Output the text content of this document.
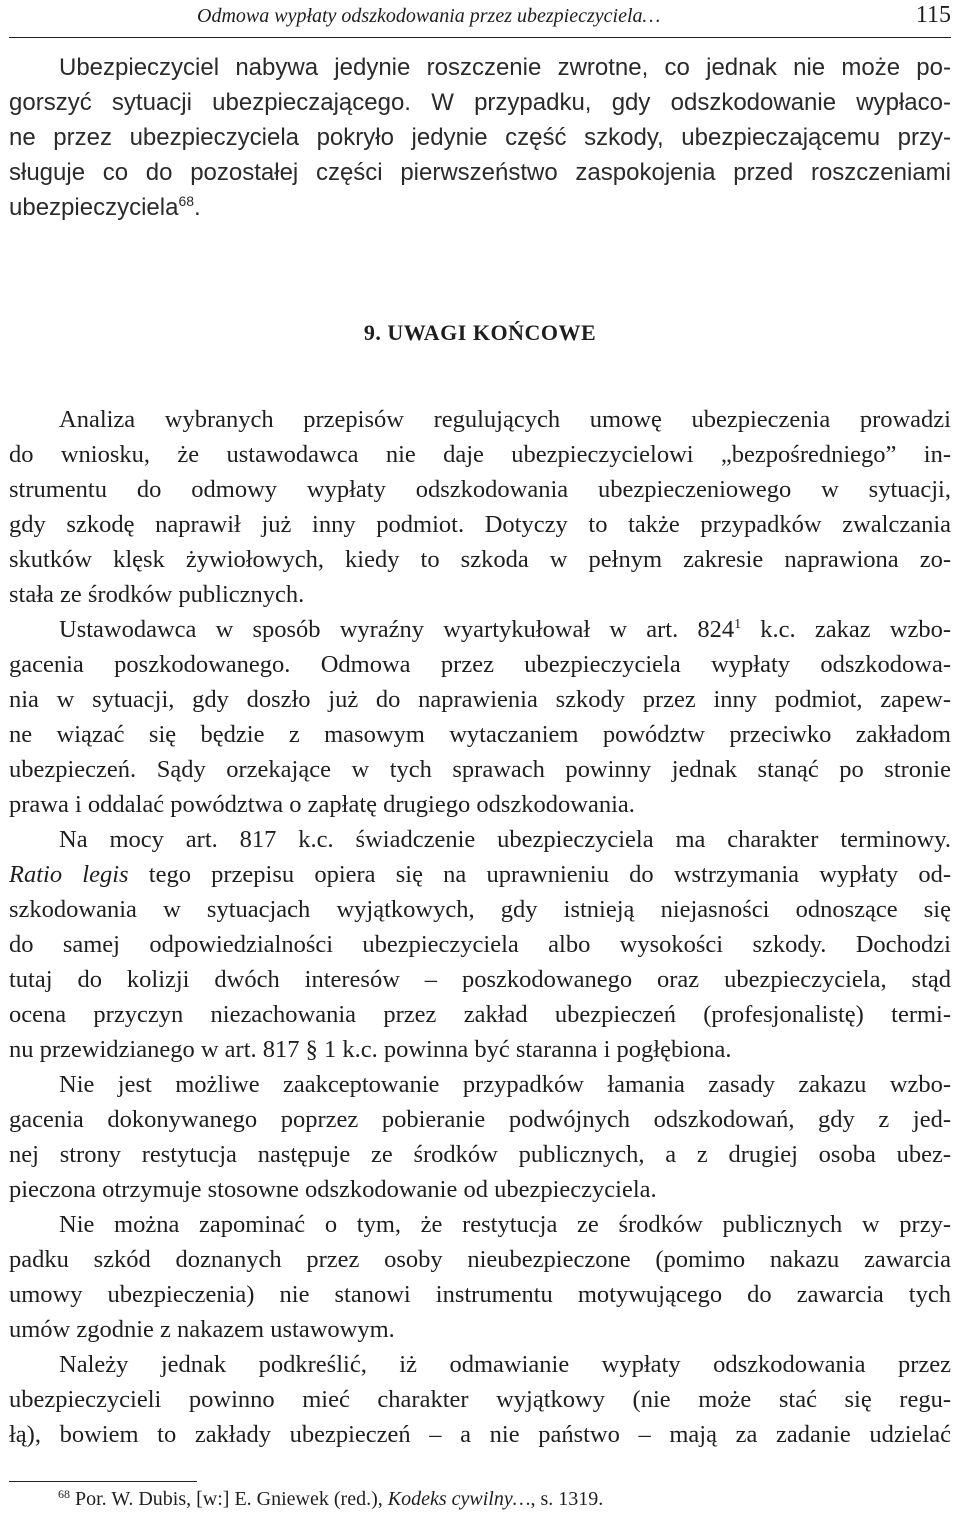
Odmowa wypłaty odszkodowania przez ubezpieczyciela…	115
Ubezpieczyciel nabywa jedynie roszczenie zwrotne, co jednak nie może po-
gorszyć sytuacji ubezpieczającego. W przypadku, gdy odszkodowanie wypłaco-
ne przez ubezpieczyciela pokryło jedynie część szkody, ubezpieczającemu przy-
sługuje co do pozostałej części pierwszeństwo zaspokojenia przed roszczeniami
ubezpieczyciela$^{68}$.
9. UWAGI KOŃCOWE
Analiza wybranych przepisów regulujących umowę ubezpieczenia prowadzi
do wniosku, że ustawodawca nie daje ubezpieczycielowi „bezpośredniego” in-
strumentu do odmowy wypłaty odszkodowania ubezpieczeniowego w sytuacji,
gdy szkodę naprawił już inny podmiot. Dotyczy to także przypadków zwalczania
skutków klęsk żywiołowych, kiedy to szkoda w pełnym zakresie naprawiona zo-
stała ze środków publicznych.
Ustawodawca w sposób wyraźny wyartykułował w art. $824^1$ k.c. zakaz wzbo-
gacenia poszkodowanego. Odmowa przez ubezpieczyciela wypłaty odszkodowa-
nia w sytuacji, gdy doszło już do naprawienia szkody przez inny podmiot, zapew-
ne wiązać się będzie z masowym wytaczaniem powództw przeciwko zakładom
ubezpieczeń. Sądy orzekające w tych sprawach powinny jednak stanąć po stronie
prawa i oddalać powództwa o zapłatę drugiego odszkodowania.
Na mocy art. 817 k.c. świadczenie ubezpieczyciela ma charakter terminowy.
Ratio legis tego przepisu opiera się na uprawnieniu do wstrzymania wypłaty od-
szkodowania w sytuacjach wyjątkowych, gdy istnieją niejasności odnoszące się
do samej odpowiedzialności ubezpieczyciela albo wysokości szkody. Dochodzi
tutaj do kolizji dwóch interesów – poszkodowanego oraz ubezpieczyciela, stąd
ocena przyczyn niezachowania przez zakład ubezpieczeń (profesjonalistę) termi-
nu przewidzianego w art. 817 § 1 k.c. powinna być staranna i pogłębiona.
Nie jest możliwe zaakceptowanie przypadków łamania zasady zakazu wzbo-
gacenia dokonywanego poprzez pobieranie podwójnych odszkodowań, gdy z jed-
nej strony restytucja następuje ze środków publicznych, a z drugiej osoba ubez-
pieczona otrzymuje stosowne odszkodowanie od ubezpieczyciela.
Nie można zapominać o tym, że restytucja ze środków publicznych w przy-
padku szkód doznanych przez osoby nieubezpieczone (pomimo nakazu zawarcia
umowy ubezpieczenia) nie stanowi instrumentu motywującego do zawarcia tych
umów zgodnie z nakazem ustawowym.
Należy jednak podkreślić, iż odmawianie wypłaty odszkodowania przez
ubezpieczycieli powinno mieć charakter wyjątkowy (nie może stać się regu-
łą), bowiem to zakłady ubezpieczeń – a nie państwo – mają za zadanie udzielać
$^{68}$ Por. W. Dubis, [w:] E. Gniewek (red.), Kodeks cywilny…, s. 1319.
